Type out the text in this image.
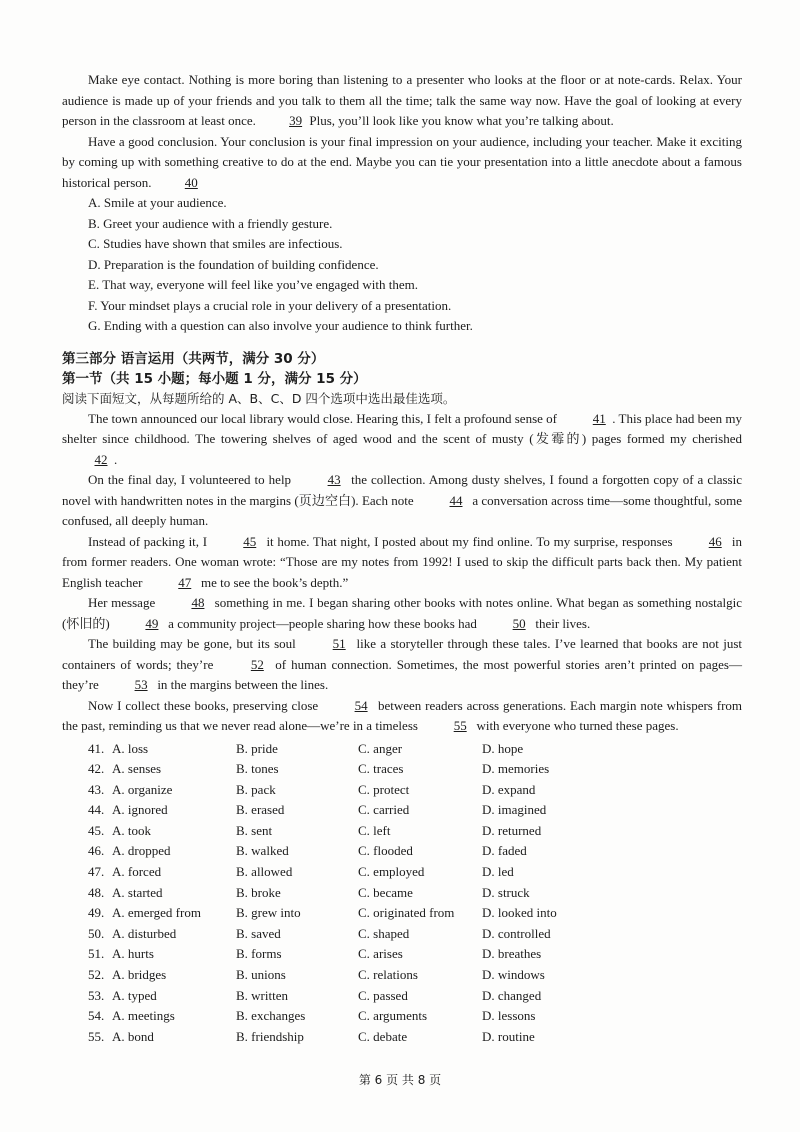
Make eye contact. Nothing is more boring than listening to a presenter who looks at the floor or at note-cards. Relax. Your audience is made up of your friends and you talk to them all the time; talk the same way now. Have the goal of looking at every person in the classroom at least once.	39 Plus, you’ll look like you know what you’re talking about.

Have a good conclusion. Your conclusion is your final impression on your audience, including your teacher. Make it exciting by coming up with something creative to do at the end. Maybe you can tie your presentation into a little anecdote about a famous historical person.	40

A. Smile at your audience.

B. Greet your audience with a friendly gesture.

C. Studies have shown that smiles are infectious.

D. Preparation is the foundation of building confidence.

E. That way, everyone will feel like you’ve engaged with them.

F. Your mindset plays a crucial role in your delivery of a presentation.

G. Ending with a question can also involve your audience to think further.

第三部分 语言运用（共两节，满分 30 分）

第一节（共 15 小题；每小题 1 分，满分 15 分）

阅读下面短文，从每题所给的 A、B、C、D 四个选项中选出最佳选项。

The town announced our local library would close. Hearing this, I felt a profound sense of	41 . This place had been my shelter since childhood. The towering shelves of aged wood and the scent of musty (发霉的) pages formed my cherished 42 .

On the final day, I volunteered to help	43 the collection. Among dusty shelves, I found a forgotten copy of a classic novel with handwritten notes in the margins (页边空白). Each note	44 a conversation across time—some thoughtful, some confused, all deeply human.

Instead of packing it, I	45 it home. That night, I posted about my find online. To my surprise, responses	46 in from former readers. One woman wrote: “Those are my notes from 1992! I used to skip the difficult parts back then. My patient English teacher	47 me to see the book’s depth.”

Her message	48 something in me. I began sharing other books with notes online. What began as something nostalgic (怀旧的)	49 a community project—people sharing how these books had	50 their lives.

The building may be gone, but its soul	51 like a storyteller through these tales. I’ve learned that books are not just containers of words; they’re	52 of human connection. Sometimes, the most powerful stories aren’t printed on pages—they’re	53 in the margins between the lines.

Now I collect these books, preserving close	54 between readers across generations. Each margin note whispers from the past, reminding us that we never read alone—we’re in a timeless	55 with everyone who turned these pages.

41. A. loss	B. pride	C. anger	D. hope
42. A. senses	B. tones	C. traces	D. memories
43. A. organize	B. pack	C. protect	D. expand
44. A. ignored	B. erased	C. carried	D. imagined
45. A. took	B. sent	C. left	D. returned
46. A. dropped	B. walked	C. flooded	D. faded
47. A. forced	B. allowed	C. employed	D. led
48. A. started	B. broke	C. became	D. struck
49. A. emerged from	B. grew into	C. originated from	D. looked into
50. A. disturbed	B. saved	C. shaped	D. controlled
51. A. hurts	B. forms	C. arises	D. breathes
52. A. bridges	B. unions	C. relations	D. windows
53. A. typed	B. written	C. passed	D. changed
54. A. meetings	B. exchanges	C. arguments	D. lessons
55. A. bond	B. friendship	C. debate	D. routine
第 6 页 共 8 页
